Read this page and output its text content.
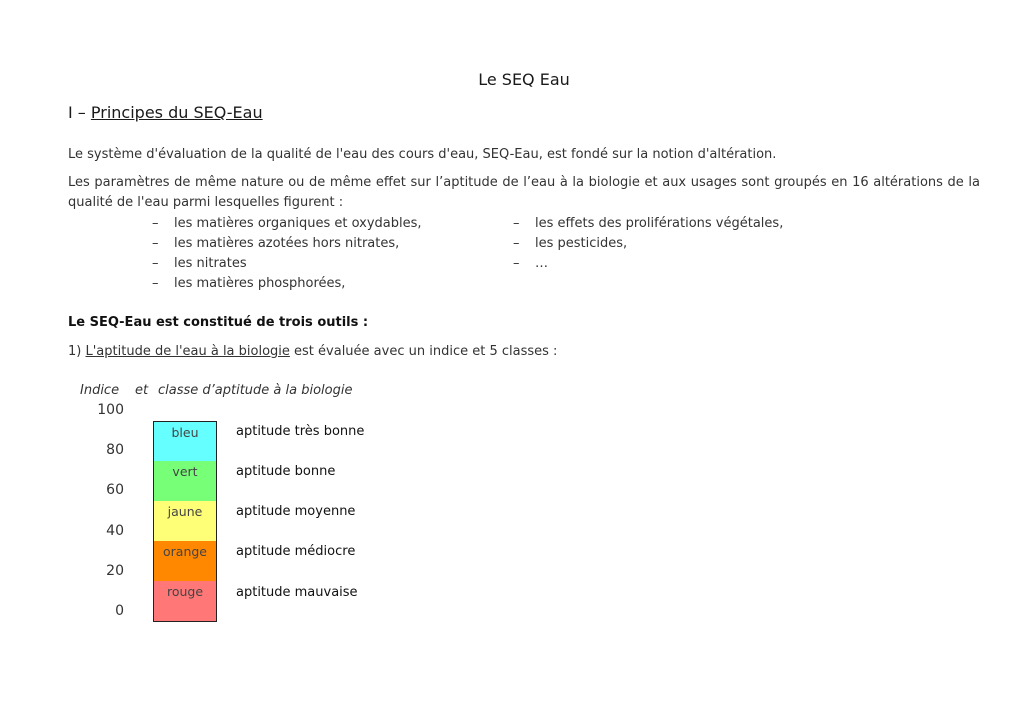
Le SEQ Eau
I – Principes du SEQ-Eau
Le système d'évaluation de la qualité de l'eau des cours d'eau, SEQ-Eau, est fondé sur la notion d'altération.
Les paramètres de même nature ou de même effet sur l’aptitude de l’eau à la biologie et aux usages sont groupés en 16 altérations de la qualité de l'eau parmi lesquelles figurent :
– les matières organiques et oxydables,
– les matières azotées hors nitrates,
– les nitrates
– les matières phosphorées,
– les effets des proliférations végétales,
– les pesticides,
– …
Le SEQ-Eau est constitué de trois outils :
1) L'aptitude de l'eau à la biologie est évaluée avec un indice et 5 classes :
Indice et classe d’aptitude à la biologie
100
80
60
40
20
0
bleu
vert
jaune
orange
rouge
aptitude très bonne
aptitude bonne
aptitude moyenne
aptitude médiocre
aptitude mauvaise
